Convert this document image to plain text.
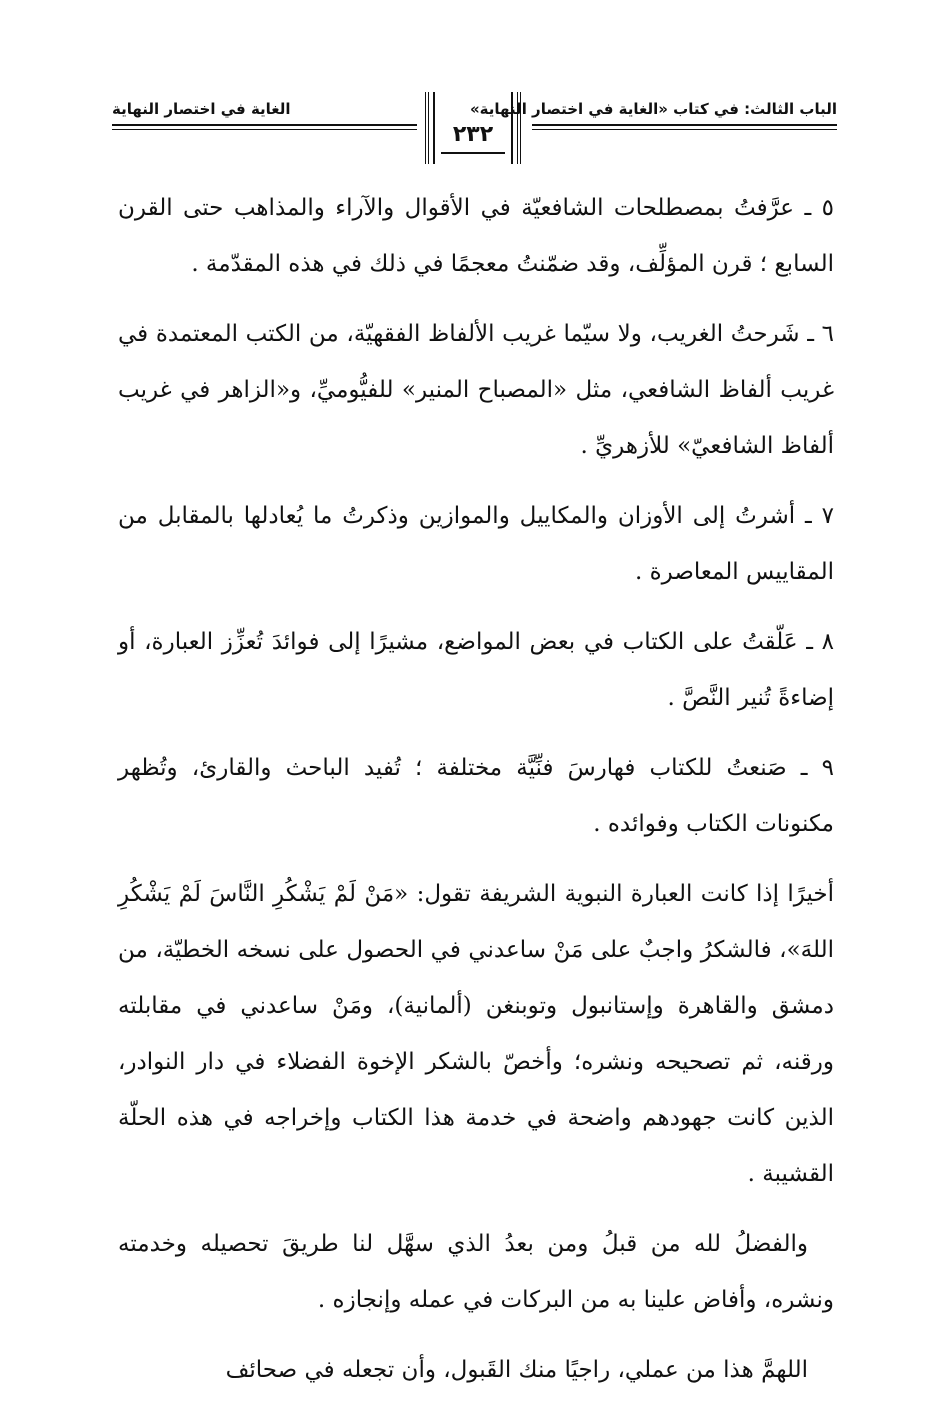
الباب الثالث: في كتاب «الغاية في اختصار النهاية»
٢٣٢
الغاية في اختصار النهاية

٥ ـ عرَّفتُ بمصطلحات الشافعيّة في الأقوال والآراء والمذاهب حتى القرن السابع ؛ قرن المؤلِّف، وقد ضمّنتُ معجمًا في ذلك في هذه المقدّمة .

٦ ـ شَرحتُ الغريب، ولا سيّما غريب الألفاظ الفقهيّة، من الكتب المعتمدة في غريب ألفاظ الشافعي، مثل «المصباح المنير» للفيُّوميِّ، و«الزاهر في غريب ألفاظ الشافعيّ» للأزهريِّ .

٧ ـ أشرتُ إلى الأوزان والمكاييل والموازين وذكرتُ ما يُعادلها بالمقابل من المقاييس المعاصرة .

٨ ـ عَلّقتُ على الكتاب في بعض المواضع، مشيرًا إلى فوائدَ تُعزِّز العبارة، أو إضاءةً تُنير النَّصَّ .

٩ ـ صَنعتُ للكتاب فهارسَ فنِّيَّة مختلفة ؛ تُفيد الباحث والقارئ، وتُظهر مكنونات الكتاب وفوائده .

أخيرًا إذا كانت العبارة النبوية الشريفة تقول: «مَنْ لَمْ يَشْكُرِ النَّاسَ لَمْ يَشْكُرِ اللهَ»، فالشكرُ واجبٌ على مَنْ ساعدني في الحصول على نسخه الخطيّة، من دمشق والقاهرة وإستانبول وتوبنغن (ألمانية)، ومَنْ ساعدني في مقابلته ورقنه، ثم تصحيحه ونشره؛ وأخصّ بالشكر الإخوة الفضلاء في دار النوادر، الذين كانت جهودهم واضحة في خدمة هذا الكتاب وإخراجه في هذه الحلّة القشيبة .

والفضلُ لله من قبلُ ومن بعدُ الذي سهَّل لنا طريقَ تحصيله وخدمته ونشره، وأفاض علينا به من البركات في عمله وإنجازه .

اللهمَّ هذا من عملي، راجيًا منك القَبول، وأن تجعله في صحائف
